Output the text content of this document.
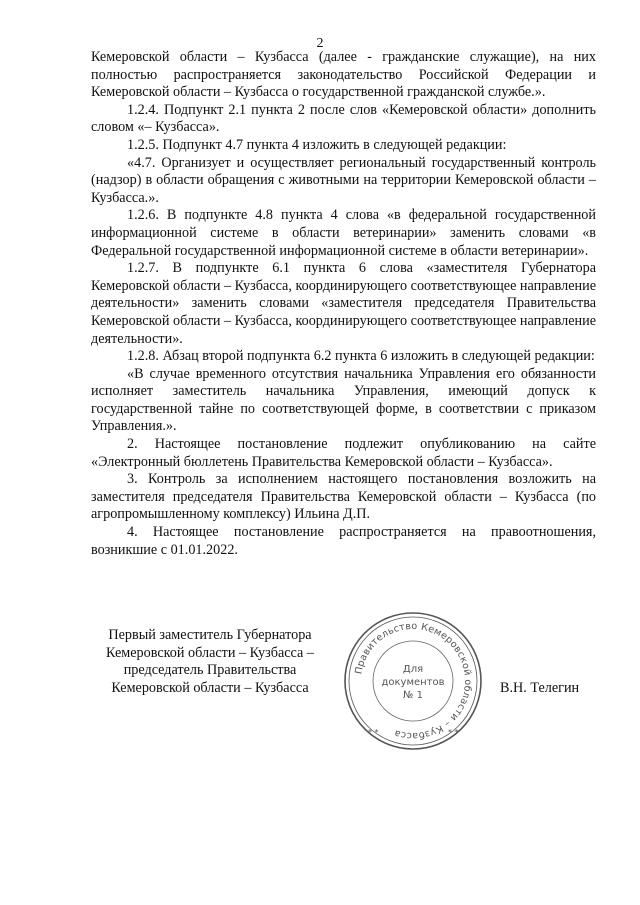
2

Кемеровской области – Кузбасса (далее - гражданские служащие), на них полностью распространяется законодательство Российской Федерации и Кемеровской области – Кузбасса о государственной гражданской службе.».

1.2.4. Подпункт 2.1 пункта 2 после слов «Кемеровской области» дополнить словом «– Кузбасса».

1.2.5. Подпункт 4.7 пункта 4 изложить в следующей редакции:

«4.7. Организует и осуществляет региональный государственный контроль (надзор) в области обращения с животными на территории Кемеровской области – Кузбасса.».

1.2.6. В подпункте 4.8 пункта 4 слова «в федеральной государственной информационной системе в области ветеринарии» заменить словами «в Федеральной государственной информационной системе в области ветеринарии».

1.2.7. В подпункте 6.1 пункта 6 слова «заместителя Губернатора Кемеровской области – Кузбасса, координирующего соответствующее направление деятельности» заменить словами «заместителя председателя Правительства Кемеровской области – Кузбасса, координирующего соответствующее направление деятельности».

1.2.8. Абзац второй подпункта 6.2 пункта 6 изложить в следующей редакции:

«В случае временного отсутствия начальника Управления его обязанности исполняет заместитель начальника Управления, имеющий допуск к государственной тайне по соответствующей форме, в соответствии с приказом Управления.».

2. Настоящее постановление подлежит опубликованию на сайте «Электронный бюллетень Правительства Кемеровской области – Кузбасса».

3. Контроль за исполнением настоящего постановления возложить на заместителя председателя Правительства Кемеровской области – Кузбасса (по агропромышленному комплексу) Ильина Д.П.

4. Настоящее постановление распространяется на правоотношения, возникшие с 01.01.2022.

Первый заместитель Губернатора
Кемеровской области – Кузбасса –
председатель Правительства
Кемеровской области – Кузбасса
Правительство Кемеровской области – Кузбасса
* *	* *
Для
документов
№ 1	В.Н. Телегин
